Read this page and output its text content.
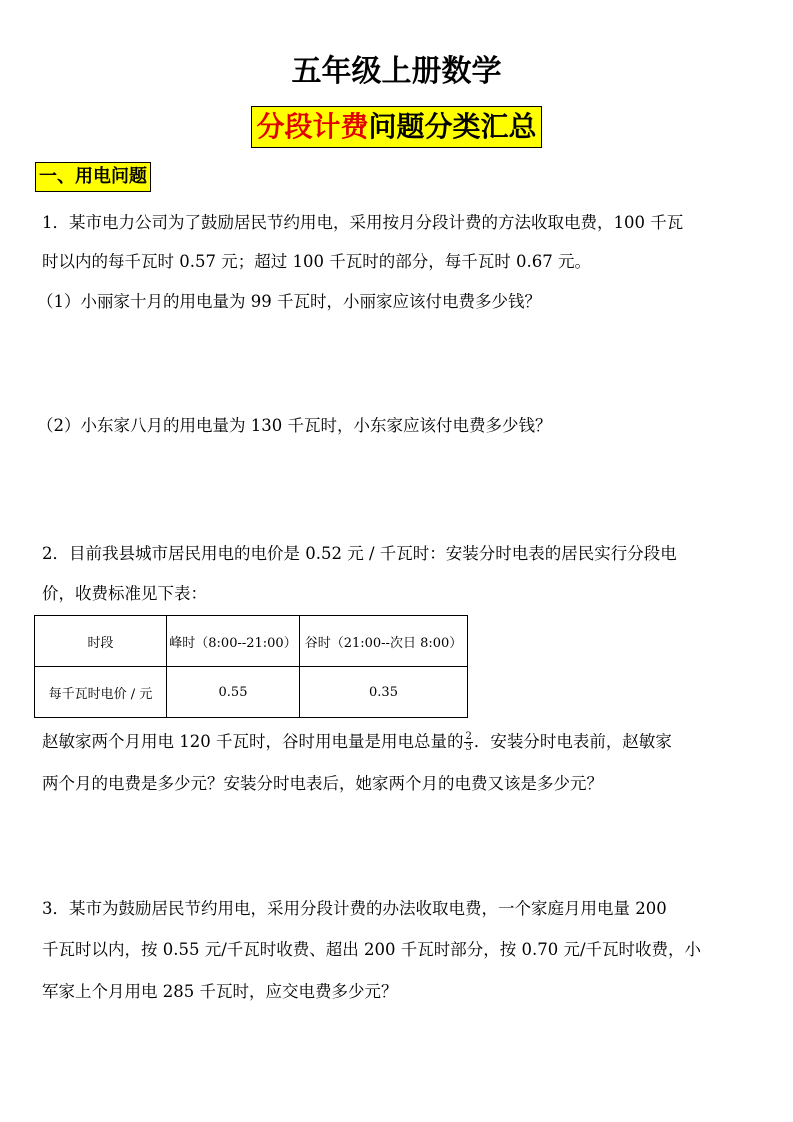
五年级上册数学
分段计费问题分类汇总
一、用电问题
1．某市电力公司为了鼓励居民节约用电，采用按月分段计费的方法收取电费，100 千瓦
时以内的每千瓦时 0.57 元；超过 100 千瓦时的部分，每千瓦时 0.67 元。
（1）小丽家十月的用电量为 99 千瓦时，小丽家应该付电费多少钱？
（2）小东家八月的用电量为 130 千瓦时，小东家应该付电费多少钱？
2．目前我县城市居民用电的电价是 0.52 元 / 千瓦时：安装分时电表的居民实行分段电
价，收费标准见下表：
时段	峰时（8:00--21:00）	谷时（21:00--次日 8:00）
每千瓦时电价 / 元	0.55	0.35
赵敏家两个月用电 120 千瓦时，谷时用电量是用电总量的 $\frac{2}{3}$ ．安装分时电表前，赵敏家
两个月的电费是多少元？安装分时电表后，她家两个月的电费又该是多少元？
3．某市为鼓励居民节约用电，采用分段计费的办法收取电费，一个家庭月用电量 200
千瓦时以内，按 0.55 元/千瓦时收费、超出 200 千瓦时部分，按 0.70 元/千瓦时收费，小
军家上个月用电 285 千瓦时，应交电费多少元？
